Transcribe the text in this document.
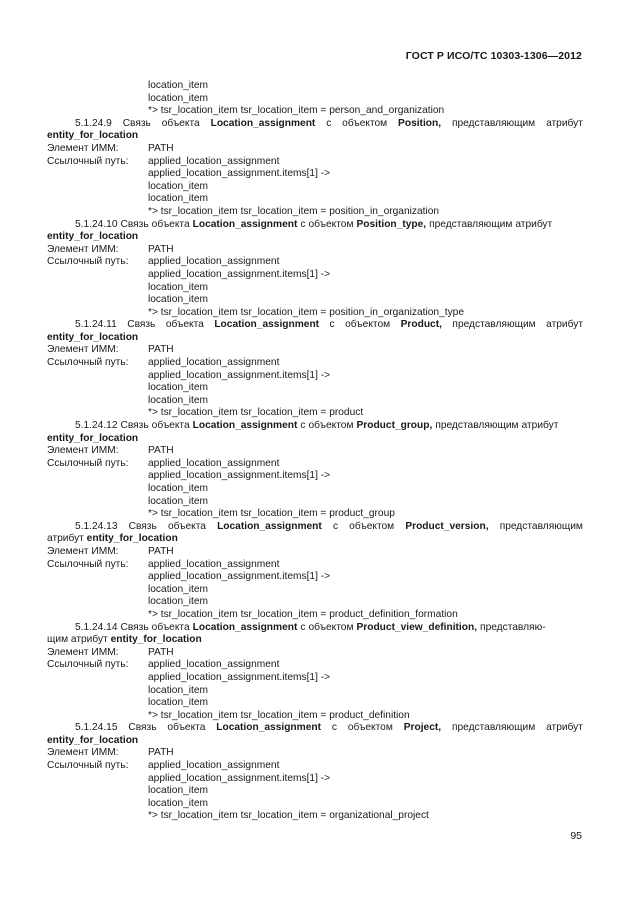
ГОСТ Р ИСО/ТС 10303-1306—2012
location_item
location_item
*> tsr_location_item tsr_location_item = person_and_organization
5.1.24.9 Связь объекта Location_assignment с объектом Position, представляющим атрибут
entity_for_location
Элемент ИММ:	PATH
Ссылочный путь:	applied_location_assignment
applied_location_assignment.items[1] ->
location_item
location_item
*> tsr_location_item tsr_location_item = position_in_organization
5.1.24.10 Связь объекта Location_assignment с объектом Position_type, представляющим атрибут
entity_for_location
Элемент ИММ:	PATH
Ссылочный путь:	applied_location_assignment
applied_location_assignment.items[1] ->
location_item
location_item
*> tsr_location_item tsr_location_item = position_in_organization_type
5.1.24.11 Связь объекта Location_assignment с объектом Product, представляющим атрибут
entity_for_location
Элемент ИММ:	PATH
Ссылочный путь:	applied_location_assignment
applied_location_assignment.items[1] ->
location_item
location_item
*> tsr_location_item tsr_location_item = product
5.1.24.12 Связь объекта Location_assignment с объектом Product_group, представляющим атрибут
entity_for_location
Элемент ИММ:	PATH
Ссылочный путь:	applied_location_assignment
applied_location_assignment.items[1] ->
location_item
location_item
*> tsr_location_item tsr_location_item = product_group
5.1.24.13 Связь объекта Location_assignment с объектом Product_version, представляющим
атрибут entity_for_location
Элемент ИММ:	PATH
Ссылочный путь:	applied_location_assignment
applied_location_assignment.items[1] ->
location_item
location_item
*> tsr_location_item tsr_location_item = product_definition_formation
5.1.24.14 Связь объекта Location_assignment с объектом Product_view_definition, представляю-
щим атрибут entity_for_location
Элемент ИММ:	PATH
Ссылочный путь:	applied_location_assignment
applied_location_assignment.items[1] ->
location_item
location_item
*> tsr_location_item tsr_location_item = product_definition
5.1.24.15 Связь объекта Location_assignment с объектом Project, представляющим атрибут
entity_for_location
Элемент ИММ:	PATH
Ссылочный путь:	applied_location_assignment
applied_location_assignment.items[1] ->
location_item
location_item
*> tsr_location_item tsr_location_item = organizational_project
95
